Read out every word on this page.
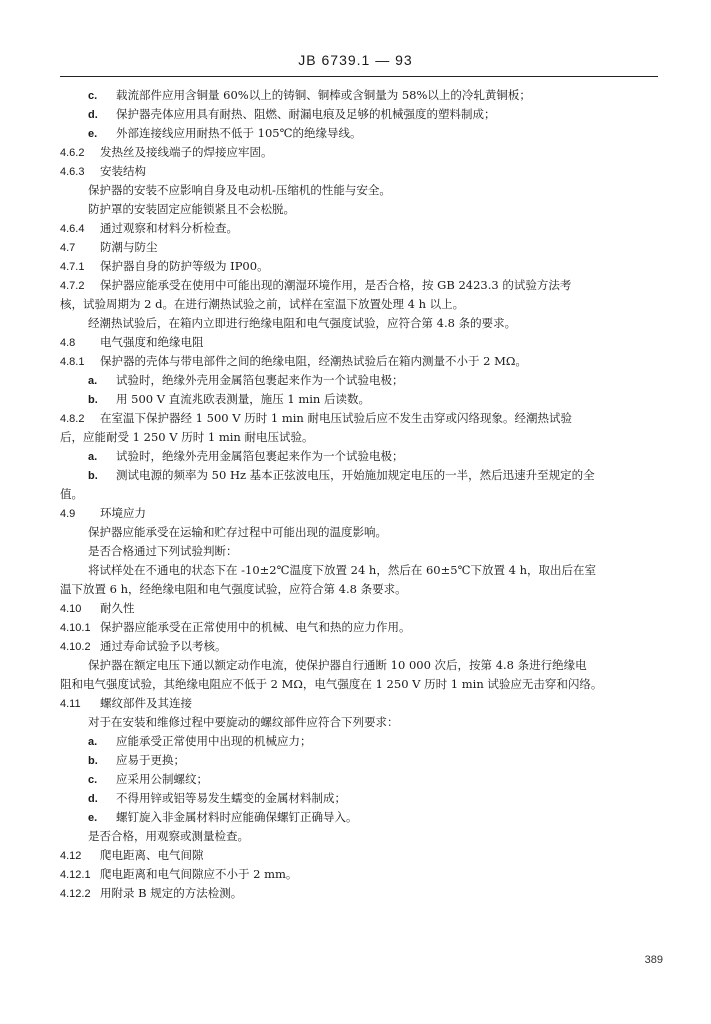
JB 6739.1 — 93
c. 载流部件应用含铜量 60%以上的铸铜、铜棒或含铜量为 58%以上的冷轧黄铜板；
d. 保护器壳体应用具有耐热、阻燃、耐漏电痕及足够的机械强度的塑料制成；
e. 外部连接线应用耐热不低于 105℃的绝缘导线。
4.6.2 发热丝及接线端子的焊接应牢固。
4.6.3 安装结构
保护器的安装不应影响自身及电动机-压缩机的性能与安全。
防护罩的安装固定应能锁紧且不会松脱。
4.6.4 通过观察和材料分析检查。
4.7 防潮与防尘
4.7.1 保护器自身的防护等级为 IP00。
4.7.2 保护器应能承受在使用中可能出现的潮湿环境作用，是否合格，按 GB 2423.3 的试验方法考
核，试验周期为 2 d。在进行潮热试验之前，试样在室温下放置处理 4 h 以上。
经潮热试验后，在箱内立即进行绝缘电阻和电气强度试验，应符合第 4.8 条的要求。
4.8 电气强度和绝缘电阻
4.8.1 保护器的壳体与带电部件之间的绝缘电阻，经潮热试验后在箱内测量不小于 2 MΩ。
a. 试验时，绝缘外壳用金属箔包裹起来作为一个试验电极；
b. 用 500 V 直流兆欧表测量，施压 1 min 后读数。
4.8.2 在室温下保护器经 1 500 V 历时 1 min 耐电压试验后应不发生击穿或闪络现象。经潮热试验
后，应能耐受 1 250 V 历时 1 min 耐电压试验。
a. 试验时，绝缘外壳用金属箔包裹起来作为一个试验电极；
b. 测试电源的频率为 50 Hz 基本正弦波电压，开始施加规定电压的一半，然后迅速升至规定的全
值。
4.9 环境应力
保护器应能承受在运输和贮存过程中可能出现的温度影响。
是否合格通过下列试验判断：
将试样处在不通电的状态下在 -10±2℃温度下放置 24 h，然后在 60±5℃下放置 4 h，取出后在室
温下放置 6 h，经绝缘电阻和电气强度试验，应符合第 4.8 条要求。
4.10 耐久性
4.10.1 保护器应能承受在正常使用中的机械、电气和热的应力作用。
4.10.2 通过寿命试验予以考核。
保护器在额定电压下通以额定动作电流，使保护器自行通断 10 000 次后，按第 4.8 条进行绝缘电
阻和电气强度试验，其绝缘电阻应不低于 2 MΩ，电气强度在 1 250 V 历时 1 min 试验应无击穿和闪络。
4.11 螺纹部件及其连接
对于在安装和维修过程中要旋动的螺纹部件应符合下列要求：
a. 应能承受正常使用中出现的机械应力；
b. 应易于更换；
c. 应采用公制螺纹；
d. 不得用锌或铝等易发生蠕变的金属材料制成；
e. 螺钉旋入非金属材料时应能确保螺钉正确导入。
是否合格，用观察或测量检查。
4.12 爬电距离、电气间隙
4.12.1 爬电距离和电气间隙应不小于 2 mm。
4.12.2 用附录 B 规定的方法检测。
389
